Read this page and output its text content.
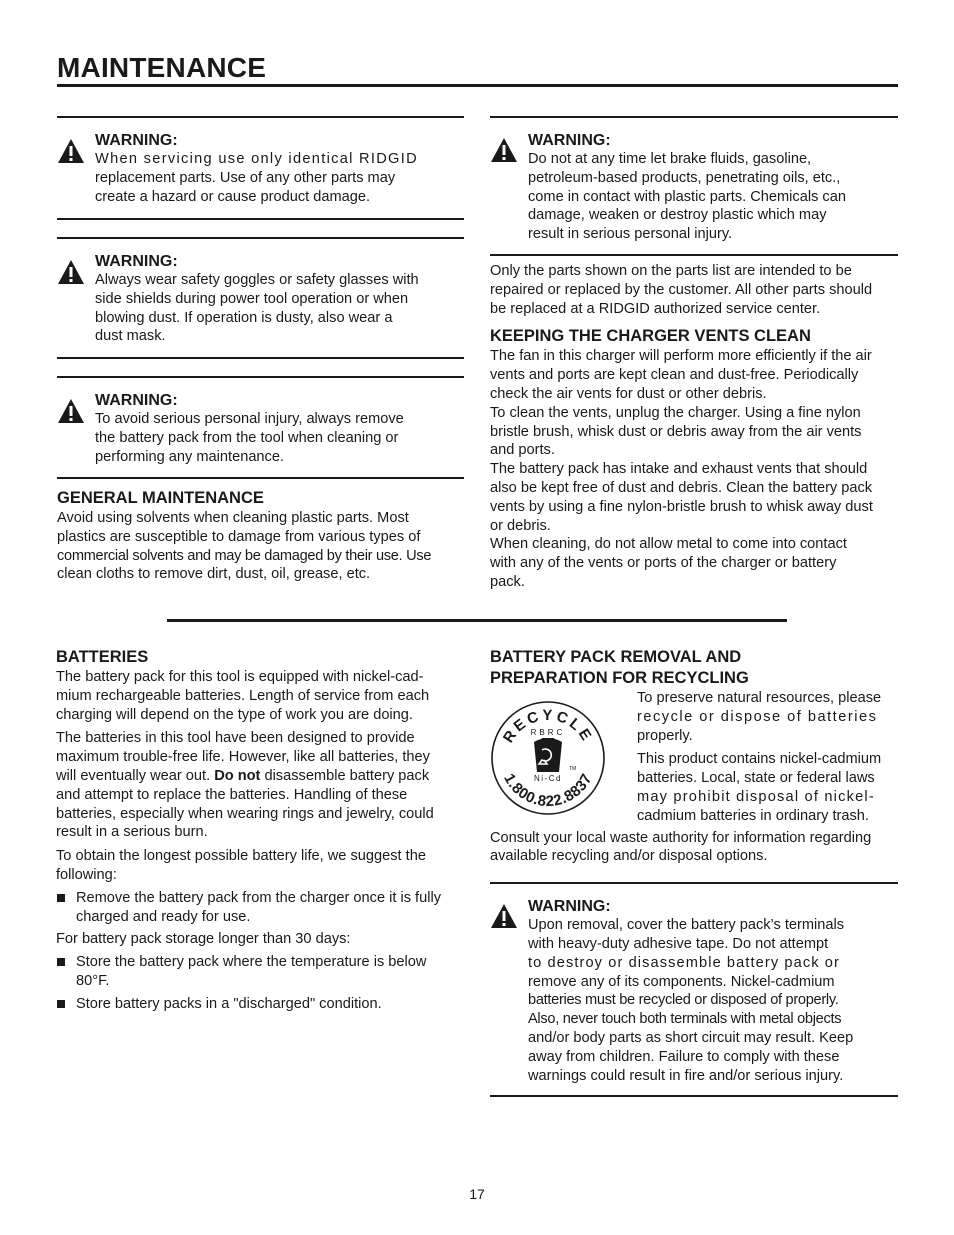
MAINTENANCE

WARNING:

When servicing use only identical RIDGID
replacement parts. Use of any other parts may
create a hazard or cause product damage.

WARNING:

Always wear safety goggles or safety glasses with
side shields during power tool operation or when
blowing dust. If operation is dusty, also wear a
dust mask.

WARNING:

To avoid serious personal injury, always remove
the battery pack from the tool when cleaning or
performing any maintenance.

GENERAL MAINTENANCE

Avoid using solvents when cleaning plastic parts. Most
plastics are susceptible to damage from various types of
commercial solvents and may be damaged by their use. Use
clean cloths to remove dirt, dust, oil, grease, etc.

WARNING:

Do not at any time let brake fluids, gasoline,
petroleum-based products, penetrating oils, etc.,
come in contact with plastic parts. Chemicals can
damage, weaken or destroy plastic which may
result in serious personal injury.

Only the parts shown on the parts list are intended to be
repaired or replaced by the customer. All other parts should
be replaced at a RIDGID authorized service center.

KEEPING THE CHARGER VENTS CLEAN

The fan in this charger will perform more efficiently if the air
vents and ports are kept clean and dust-free. Periodically
check the air vents for dust or other debris.
To clean the vents, unplug the charger. Using a fine nylon
bristle brush, whisk dust or debris away from the air vents
and ports.
The battery pack has intake and exhaust vents that should
also be kept free of dust and debris. Clean the battery pack
vents by using a fine nylon-bristle brush to whisk away dust
or debris.
When cleaning, do not allow metal to come into contact
with any of the vents or ports of the charger or battery
pack.

BATTERIES

The battery pack for this tool is equipped with nickel-cad-
mium rechargeable batteries. Length of service from each
charging will depend on the type of work you are doing.

The batteries in this tool have been designed to provide
maximum trouble-free life. However, like all batteries, they
will eventually wear out. Do not disassemble battery pack
and attempt to replace the batteries. Handling of these
batteries, especially when wearing rings and jewelry, could
result in a serious burn.

To obtain the longest possible battery life, we suggest the
following:

Remove the battery pack from the charger once it is fully
charged and ready for use.

For battery pack storage longer than 30 days:

Store the battery pack where the temperature is below
80°F.
Store battery packs in a "discharged" condition.

BATTERY PACK REMOVAL AND
PREPARATION FOR RECYCLING

RECYCLE
RBRC
TM
Ni-Cd
1.800.822.8837

To preserve natural resources, please
recycle or dispose of batteries
properly.

This product contains nickel-cadmium
batteries. Local, state or federal laws
may prohibit disposal of nickel-
cadmium batteries in ordinary trash.

Consult your local waste authority for information regarding
available recycling and/or disposal options.

WARNING:

Upon removal, cover the battery pack’s terminals
with heavy-duty adhesive tape. Do not attempt
to destroy or disassemble battery pack or
remove any of its components. Nickel-cadmium
batteries must be recycled or disposed of properly.
Also, never touch both terminals with metal objects
and/or body parts as short circuit may result. Keep
away from children. Failure to comply with these
warnings could result in fire and/or serious injury.

17
